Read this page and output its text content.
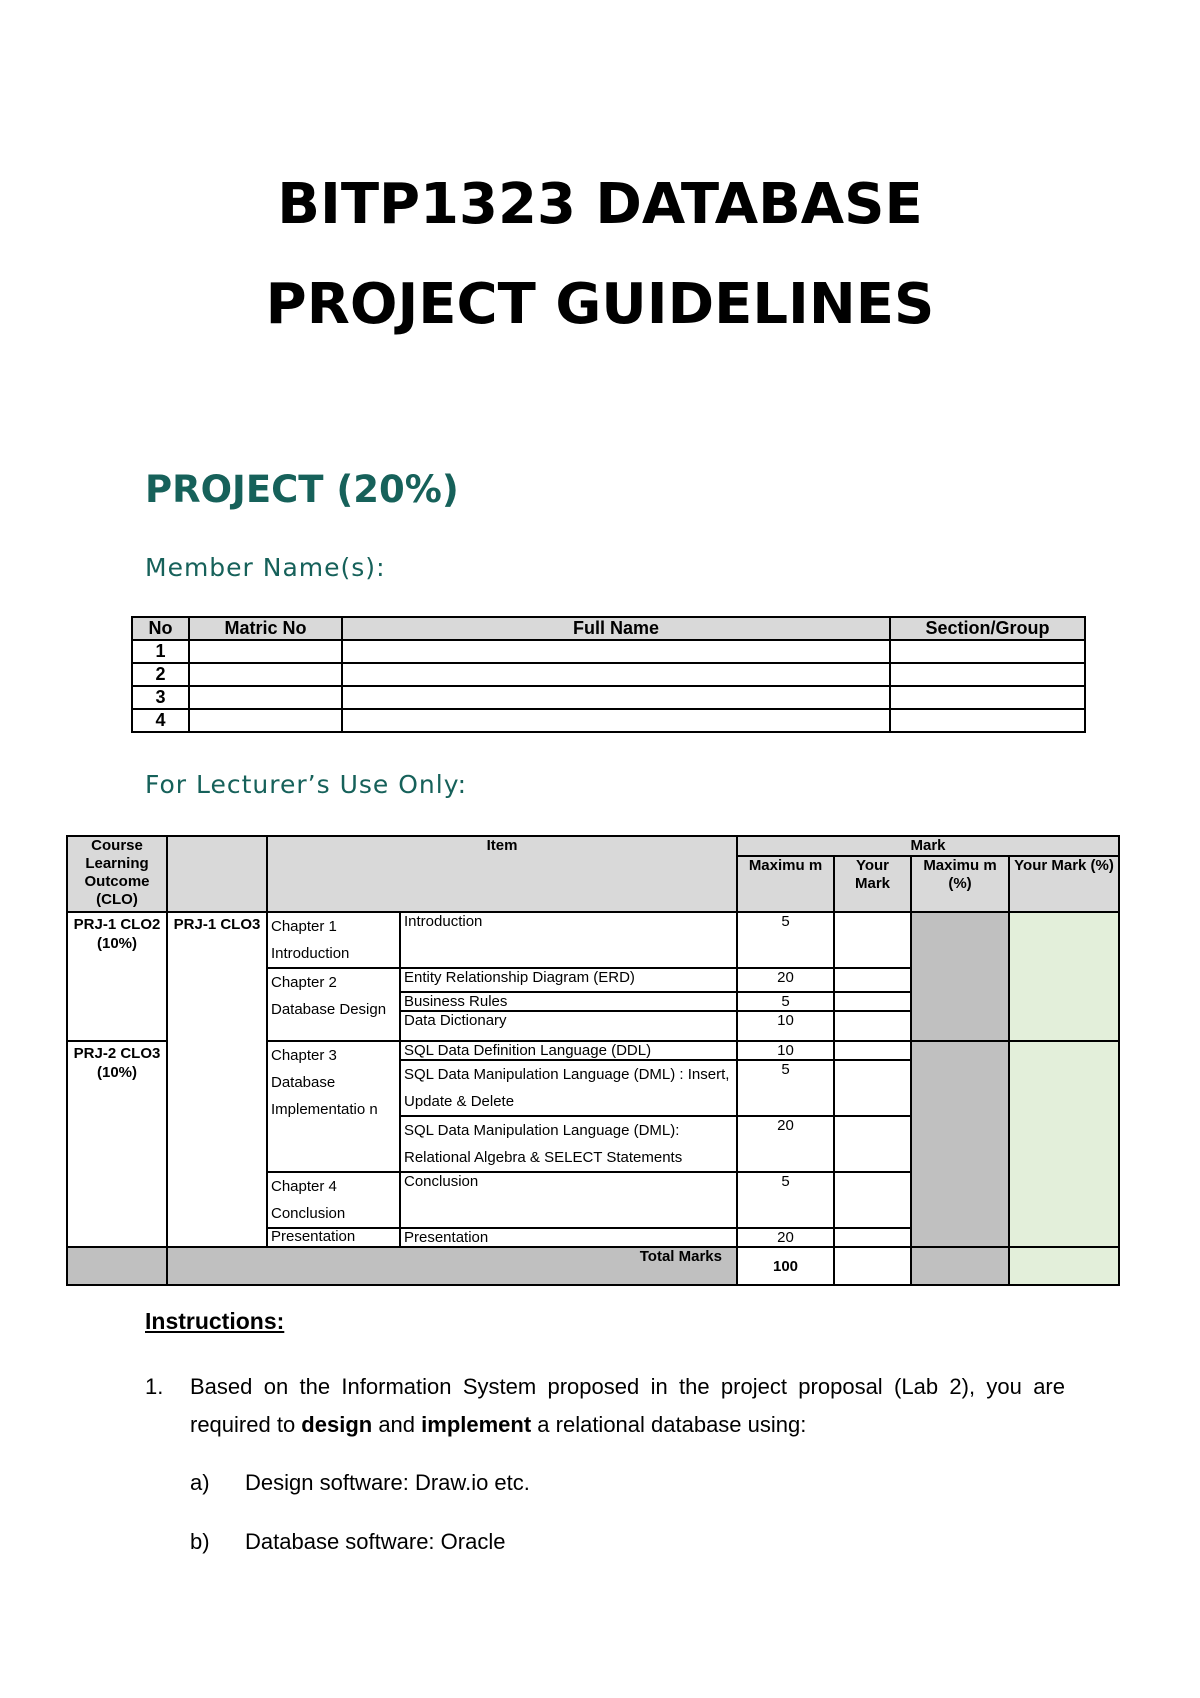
BITP1323 DATABASE
PROJECT GUIDELINES
PROJECT (20%)
Member Name(s):
No	Matric No	Full Name	Section/Group
1			
2			
3			
4			
For Lecturer’s Use Only:
Course Learning Outcome (CLO)		Item		Mark			
				Maximu m	Your Mark	Maximu m (%)	Your Mark (%)
PRJ-1 CLO2 (10%)	PRJ-1 CLO3	Chapter 1 Introduction	Introduction	5			
		Chapter 2 Database Design	Entity Relationship Diagram (ERD)	20			
			Business Rules	5			
			Data Dictionary	10			
PRJ-2 CLO3 (10%)		Chapter 3 Database Implementatio n	SQL Data Definition Language (DDL)	10			
			SQL Data Manipulation Language (DML) : Insert, Update & Delete	5			
			SQL Data Manipulation Language (DML): Relational Algebra & SELECT Statements	20			
		Chapter 4 Conclusion	Conclusion	5			
		Presentation	Presentation	20			
	Total Marks			100			
Instructions:
1. Based on the Information System proposed in the project proposal (Lab 2), you are required to design and implement a relational database using:
a) Design software: Draw.io etc.
b) Database software: Oracle
